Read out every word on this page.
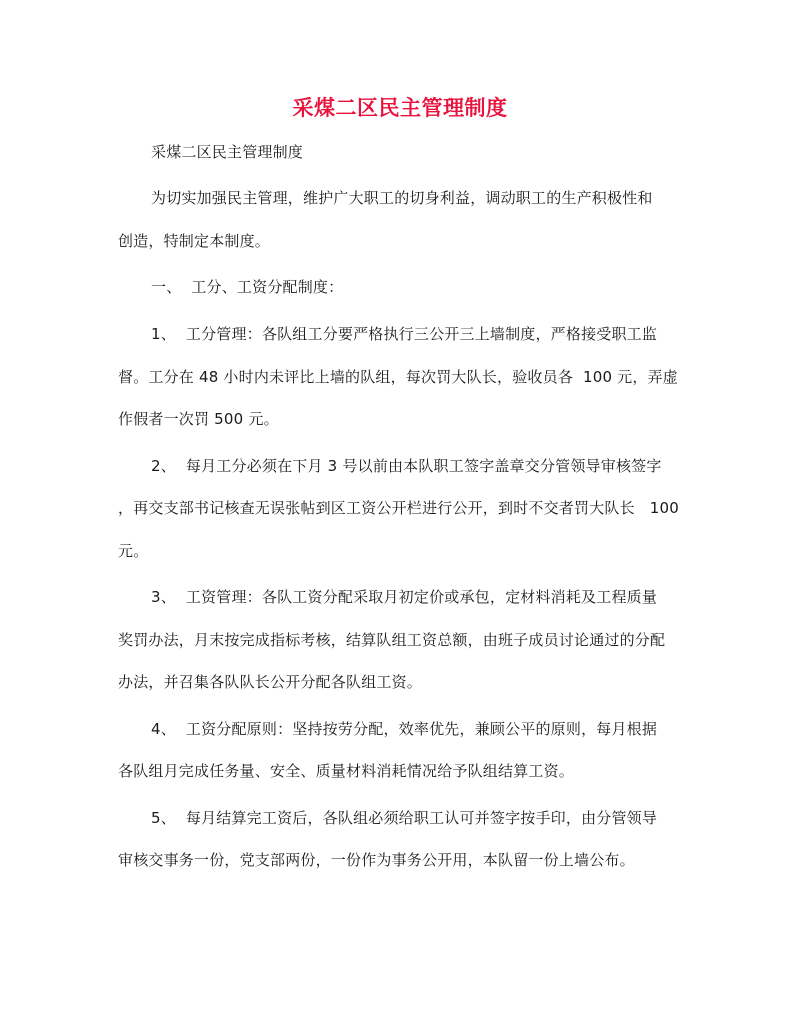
采煤二区民主管理制度
采煤二区民主管理制度
为切实加强民主管理，维护广大职工的切身利益，调动职工的生产积极性和
创造，特制定本制度。
一、  工分、工资分配制度：
1、  工分管理：各队组工分要严格执行三公开三上墙制度，严格接受职工监
督。工分在 48 小时内未评比上墙的队组，每次罚大队长，验收员各  100 元，弄虚
作假者一次罚 500 元。
2、  每月工分必须在下月 3 号以前由本队职工签字盖章交分管领导审核签字
，再交支部书记核查无误张帖到区工资公开栏进行公开，到时不交者罚大队长   100
元。
3、  工资管理：各队工资分配采取月初定价或承包，定材料消耗及工程质量
奖罚办法，月末按完成指标考核，结算队组工资总额，由班子成员讨论通过的分配
办法，并召集各队队长公开分配各队组工资。
4、  工资分配原则：坚持按劳分配，效率优先，兼顾公平的原则，每月根据
各队组月完成任务量、安全、质量材料消耗情况给予队组结算工资。
5、  每月结算完工资后，各队组必须给职工认可并签字按手印，由分管领导
审核交事务一份，党支部两份，一份作为事务公开用，本队留一份上墙公布。
